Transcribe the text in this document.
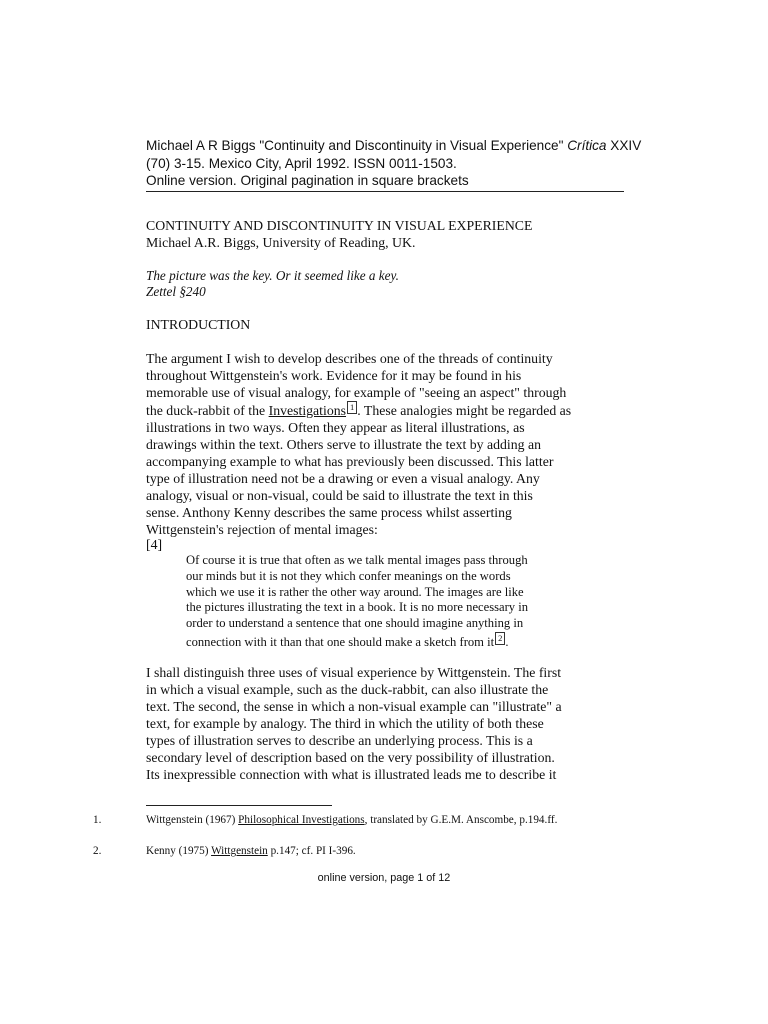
Michael A R Biggs "Continuity and Discontinuity in Visual Experience" Crítica XXIV
(70) 3-15. Mexico City, April 1992. ISSN 0011-1503.
Online version. Original pagination in square brackets
CONTINUITY AND DISCONTINUITY IN VISUAL EXPERIENCE
Michael A.R. Biggs, University of Reading, UK.
The picture was the key. Or it seemed like a key.
Zettel §240
INTRODUCTION
The argument I wish to develop describes one of the threads of continuity
throughout Wittgenstein's work. Evidence for it may be found in his
memorable use of visual analogy, for example of "seeing an aspect" through
the duck-rabbit of the Investigations 1 . These analogies might be regarded as
illustrations in two ways. Often they appear as literal illustrations, as
drawings within the text. Others serve to illustrate the text by adding an
accompanying example to what has previously been discussed. This latter
type of illustration need not be a drawing or even a visual analogy. Any
analogy, visual or non-visual, could be said to illustrate the text in this
sense. Anthony Kenny describes the same process whilst asserting
Wittgenstein's rejection of mental images:
[4]
Of course it is true that often as we talk mental images pass through
our minds but it is not they which confer meanings on the words
which we use it is rather the other way around. The images are like
the pictures illustrating the text in a book. It is no more necessary in
order to understand a sentence that one should imagine anything in
connection with it than that one should make a sketch from it 2 .
I shall distinguish three uses of visual experience by Wittgenstein. The first
in which a visual example, such as the duck-rabbit, can also illustrate the
text. The second, the sense in which a non-visual example can "illustrate" a
text, for example by analogy. The third in which the utility of both these
types of illustration serves to describe an underlying process. This is a
secondary level of description based on the very possibility of illustration.
Its inexpressible connection with what is illustrated leads me to describe it
1.	Wittgenstein (1967) Philosophical Investigations, translated by G.E.M. Anscombe, p.194.ff.
2.	Kenny (1975) Wittgenstein p.147; cf. PI I-396.
online version, page 1 of 12
